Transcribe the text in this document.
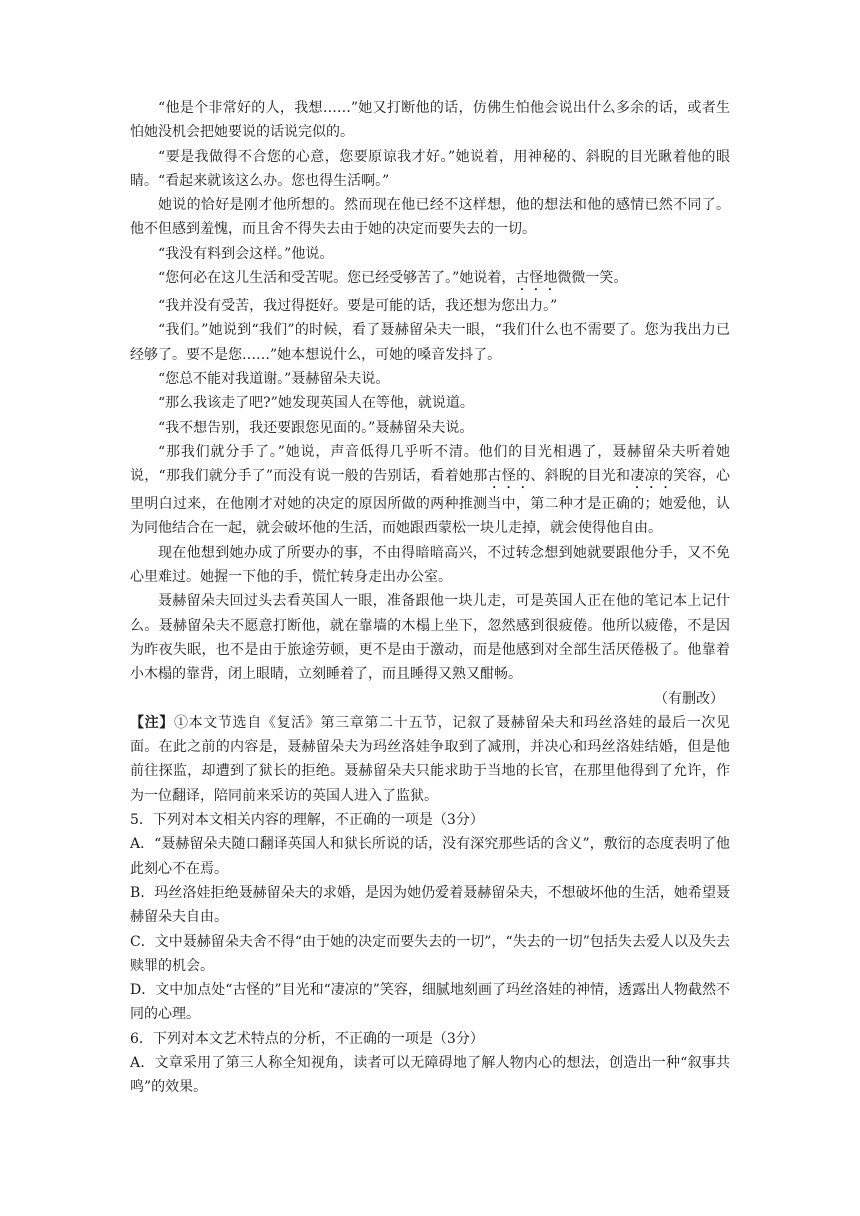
“他是个非常好的人，我想……”她又打断他的话，仿佛生怕他会说出什么多余的话，或者生怕她没机会把她要说的话说完似的。

“要是我做得不合您的心意，您要原谅我才好。”她说着，用神秘的、斜睨的目光瞅着他的眼睛。“看起来就该这么办。您也得生活啊。”

她说的恰好是刚才他所想的。然而现在他已经不这样想，他的想法和他的感情已然不同了。他不但感到羞愧，而且舍不得失去由于她的决定而要失去的一切。

“我没有料到会这样。”他说。

“您何必在这儿生活和受苦呢。您已经受够苦了。”她说着，古怪地微微一笑。

“我并没有受苦，我过得挺好。要是可能的话，我还想为您出力。”

“我们。”她说到“我们”的时候，看了聂赫留朵夫一眼，“我们什么也不需要了。您为我出力已经够了。要不是您……”她本想说什么，可她的嗓音发抖了。

“您总不能对我道谢。”聂赫留朵夫说。

“那么我该走了吧?”她发现英国人在等他，就说道。

“我不想告别，我还要跟您见面的。”聂赫留朵夫说。

“那我们就分手了。”她说，声音低得几乎听不清。他们的目光相遇了，聂赫留朵夫听着她说，“那我们就分手了”而没有说一般的告别话，看着她那古怪的、斜睨的目光和凄凉的笑容，心里明白过来，在他刚才对她的决定的原因所做的两种推测当中，第二种才是正确的；她爱他，认为同他结合在一起，就会破坏他的生活，而她跟西蒙松一块儿走掉，就会使得他自由。

现在他想到她办成了所要办的事，不由得暗暗高兴，不过转念想到她就要跟他分手，又不免心里难过。她握一下他的手，慌忙转身走出办公室。

聂赫留朵夫回过头去看英国人一眼，准备跟他一块儿走，可是英国人正在他的笔记本上记什么。聂赫留朵夫不愿意打断他，就在靠墙的木榻上坐下，忽然感到很疲倦。他所以疲倦，不是因为昨夜失眠，也不是由于旅途劳顿，更不是由于激动，而是他感到对全部生活厌倦极了。他靠着小木榻的靠背，闭上眼睛，立刻睡着了，而且睡得又熟又酣畅。

（有删改）

【注】①本文节选自《复活》第三章第二十五节，记叙了聂赫留朵夫和玛丝洛娃的最后一次见面。在此之前的内容是，聂赫留朵夫为玛丝洛娃争取到了减刑，并决心和玛丝洛娃结婚，但是他前往探监，却遭到了狱长的拒绝。聂赫留朵夫只能求助于当地的长官，在那里他得到了允许，作为一位翻译，陪同前来采访的英国人进入了监狱。

5．下列对本文相关内容的理解，不正确的一项是（3分）

A．“聂赫留朵夫随口翻译英国人和狱长所说的话，没有深究那些话的含义”，敷衍的态度表明了他此刻心不在焉。

B．玛丝洛娃拒绝聂赫留朵夫的求婚，是因为她仍爱着聂赫留朵夫，不想破坏他的生活，她希望聂赫留朵夫自由。

C．文中聂赫留朵夫舍不得“由于她的决定而要失去的一切”，“失去的一切”包括失去爱人以及失去赎罪的机会。

D．文中加点处“古怪的”目光和“凄凉的”笑容，细腻地刻画了玛丝洛娃的神情，透露出人物截然不同的心理。

6．下列对本文艺术特点的分析，不正确的一项是（3分）

A．文章采用了第三人称全知视角，读者可以无障碍地了解人物内心的想法，创造出一种“叙事共鸣”的效果。
